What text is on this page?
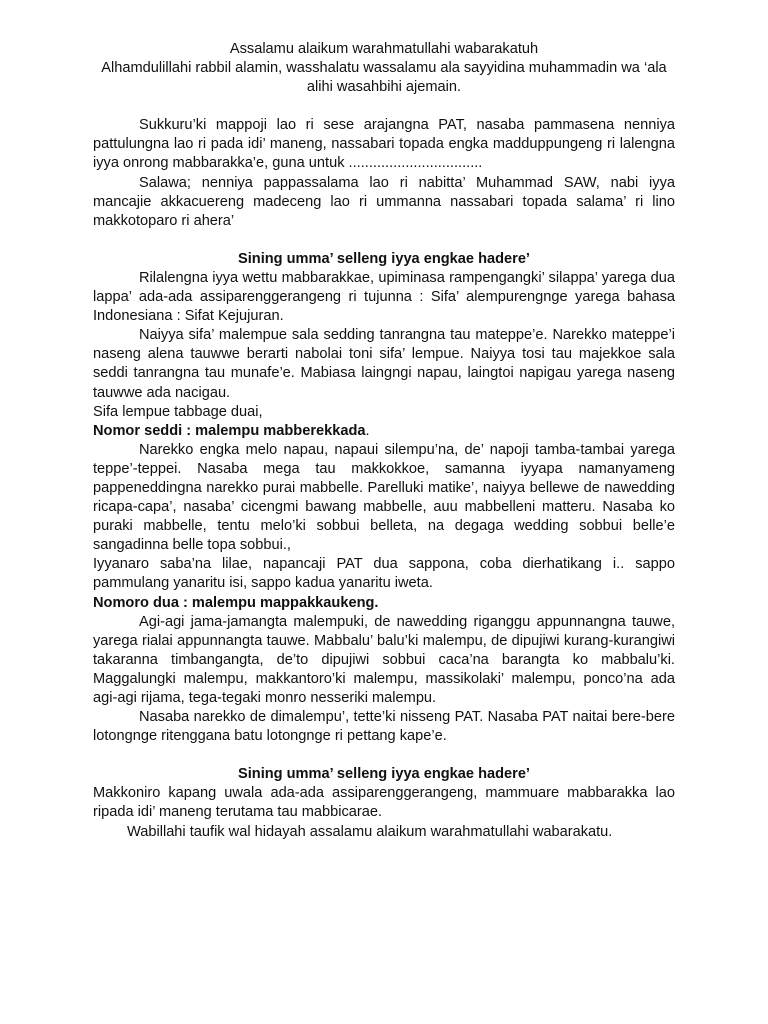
Assalamu alaikum warahmatullahi wabarakatuh

Alhamdulillahi rabbil alamin, wasshalatu wassalamu ala sayyidina muhammadin wa ‘ala alihi wasahbihi ajemain.

Sukkuru’ki mappoji lao ri sese arajangna PAT, nasaba pammasena nenniya pattulungna lao ri pada idi’ maneng, nassabari topada engka madduppungeng ri lalengna iyya onrong mabbarakka’e, guna untuk .................................

Salawa; nenniya pappassalama lao ri nabitta’ Muhammad SAW, nabi iyya mancajie akkacuereng madeceng lao ri ummanna nassabari topada salama’ ri lino makkotoparo ri ahera’

Sining umma’ selleng iyya engkae hadere’

Rilalengna iyya wettu mabbarakkae, upiminasa rampengangki’ silappa’ yarega dua lappa’ ada-ada assiparenggerangeng ri tujunna : Sifa’ alempurengnge yarega bahasa Indonesiana : Sifat Kejujuran.

Naiyya sifa’ malempue sala sedding tanrangna tau mateppe’e. Narekko mateppe’i naseng alena tauwwe berarti nabolai toni sifa’ lempue. Naiyya tosi tau majekkoe sala seddi tanrangna tau munafe’e. Mabiasa laingngi napau, laingtoi napigau yarega naseng tauwwe ada nacigau.

Sifa lempue tabbage duai,

Nomor seddi : malempu mabberekkada.

Narekko engka melo napau, napaui silempu’na, de’ napoji tamba-tambai yarega teppe’-teppei. Nasaba mega tau makkokkoe, samanna iyyapa namanyameng pappeneddingna narekko purai mabbelle. Parelluki matike’, naiyya bellewe de nawedding ricapa-capa’, nasaba’ cicengmi bawang mabbelle, auu mabbelleni matteru. Nasaba ko puraki mabbelle, tentu melo’ki sobbui belleta, na degaga wedding sobbui belle’e sangadinna belle topa sobbui.,

Iyyanaro saba’na lilae, napancaji PAT dua sappona, coba dierhatikang i.. sappo pammulang yanaritu isi, sappo kadua yanaritu iweta.

Nomoro dua : malempu mappakkaukeng.

Agi-agi jama-jamangta malempuki, de nawedding riganggu appunnangna tauwe, yarega rialai appunnangta tauwe. Mabbalu’ balu’ki malempu, de dipujiwi kurang-kurangiwi takaranna timbangangta, de’to dipujiwi sobbui caca’na barangta ko mabbalu’ki. Maggalungki malempu, makkantoro’ki malempu, massikolaki’ malempu, ponco’na ada agi-agi rijama, tega-tegaki monro nesseriki malempu.

Nasaba narekko de dimalempu’, tette’ki nisseng PAT. Nasaba PAT naitai bere-bere lotongnge ritenggana batu lotongnge ri pettang kape’e.

Sining umma’ selleng iyya engkae hadere’

Makkoniro kapang uwala ada-ada assiparenggerangeng, mammuare mabbarakka lao ripada idi’ maneng terutama tau mabbicarae.

Wabillahi taufik wal hidayah assalamu alaikum warahmatullahi wabarakatu.
